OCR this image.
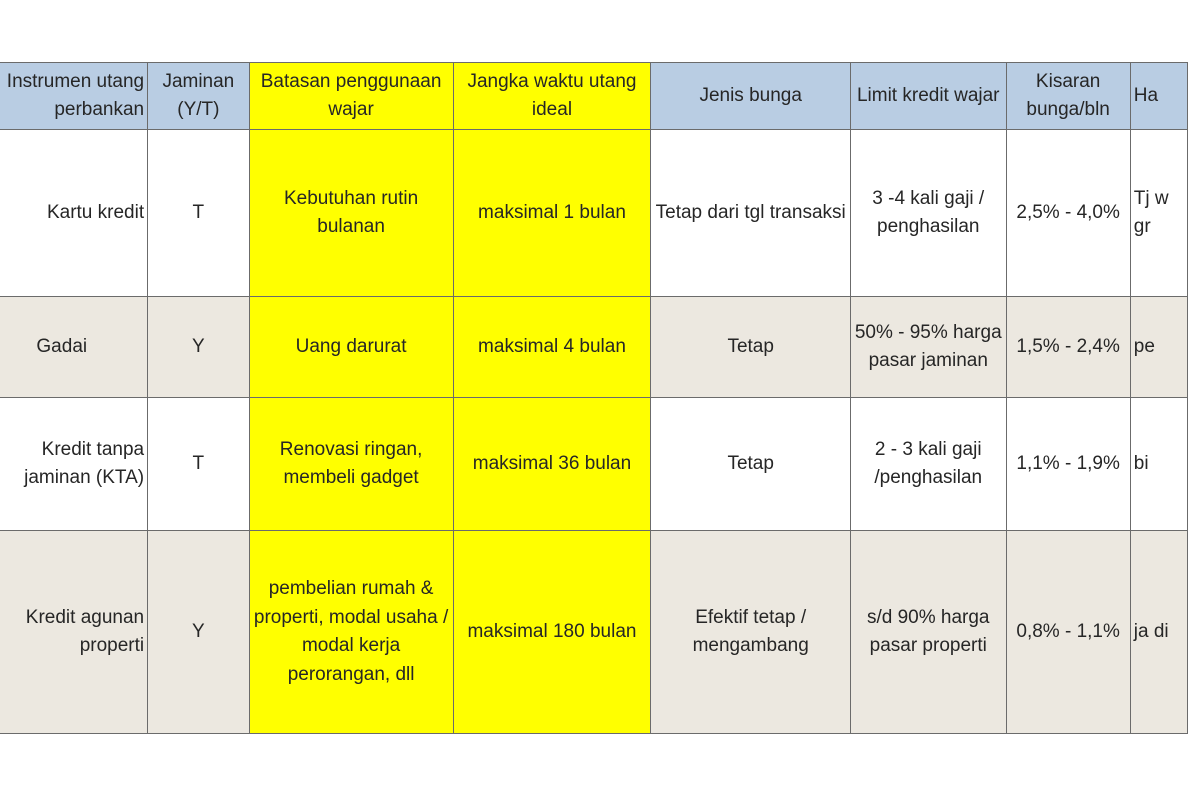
Instrumen utang perbankan	Jaminan (Y/T)	Batasan penggunaan wajar	Jangka waktu utang ideal	Jenis bunga	Limit kredit wajar	Kisaran bunga/bln	Ha
Kartu kredit	T	Kebutuhan rutin bulanan	maksimal 1 bulan	Tetap dari tgl transaksi	3 -4 kali gaji / penghasilan	2,5% - 4,0%	Tj w gr
Gadai	Y	Uang darurat	maksimal 4 bulan	Tetap	50% - 95% harga pasar jaminan	1,5% - 2,4%	pe
Kredit tanpa jaminan (KTA)	T	Renovasi ringan, membeli gadget	maksimal 36 bulan	Tetap	2 - 3 kali gaji /penghasilan	1,1% - 1,9%	bi
Kredit agunan properti	Y	pembelian rumah & properti, modal usaha / modal kerja perorangan, dll	maksimal 180 bulan	Efektif tetap / mengambang	s/d 90% harga pasar properti	0,8% - 1,1%	ja di
